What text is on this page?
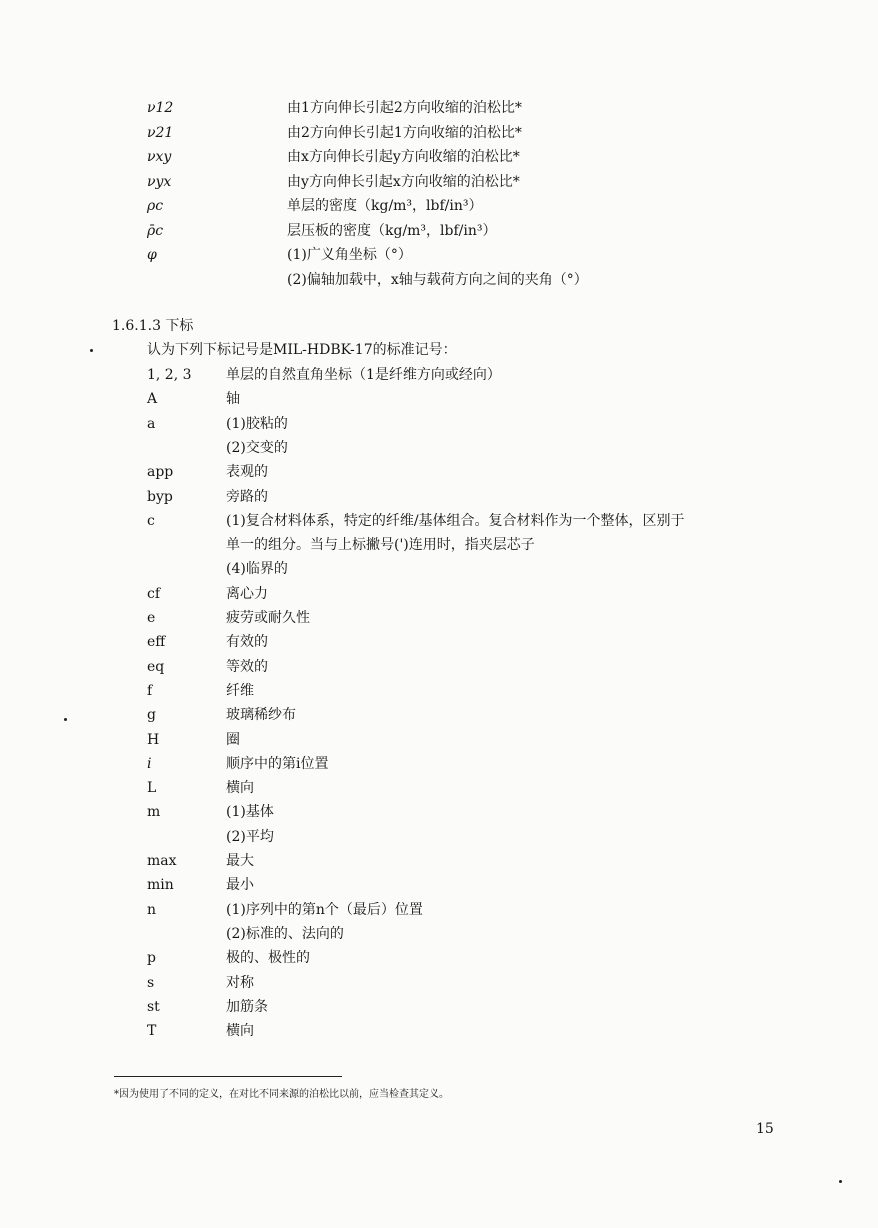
ν12	由1方向伸长引起2方向收缩的泊松比*
ν21	由2方向伸长引起1方向收缩的泊松比*
νxy	由x方向伸长引起y方向收缩的泊松比*
νyx	由y方向伸长引起x方向收缩的泊松比*
ρc	单层的密度（kg/m³，lbf/in³）
ρ̄c	层压板的密度（kg/m³，lbf/in³）
φ	(1)广义角坐标（°）
(2)偏轴加载中，x轴与载荷方向之间的夹角（°）
1.6.1.3 下标
认为下列下标记号是MIL-HDBK-17的标准记号：
1, 2, 3 单层的自然直角坐标（1是纤维方向或经向）
A	轴
a	(1)胶粘的
(2)交变的
app	表观的
byp	旁路的
c	(1)复合材料体系，特定的纤维/基体组合。复合材料作为一个整体，区别于
单一的组分。当与上标撇号(')连用时，指夹层芯子
(4)临界的
cf	离心力
e	疲劳或耐久性
eff	有效的
eq	等效的
f	纤维
g	玻璃稀纱布
H	圈
i	顺序中的第i位置
L	横向
m	(1)基体
(2)平均
max	最大
min	最小
n	(1)序列中的第n个（最后）位置
(2)标准的、法向的
p	极的、极性的
s	对称
st	加筋条
T	横向
*因为使用了不同的定义，在对比不同来源的泊松比以前，应当检查其定义。
15
